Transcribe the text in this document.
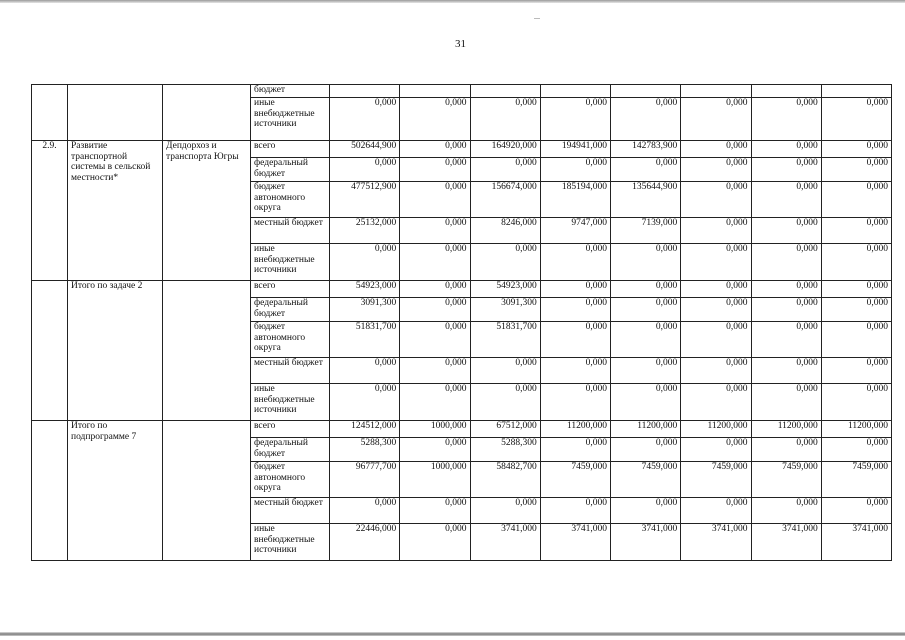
31
			бюджет								
			иные внебюджетные источники	0,000	0,000	0,000	0,000	0,000	0,000	0,000	0,000
2.9.	Развитие транспортной системы в сельской местности*	Депдорхоз и транспорта Югры	всего	502644,900	0,000	164920,000	194941,000	142783,900	0,000	0,000	0,000
			федеральный бюджет	0,000	0,000	0,000	0,000	0,000	0,000	0,000	0,000
			бюджет автономного округа	477512,900	0,000	156674,000	185194,000	135644,900	0,000	0,000	0,000
			местный бюджет	25132,000	0,000	8246,000	9747,000	7139,000	0,000	0,000	0,000
			иные внебюджетные источники	0,000	0,000	0,000	0,000	0,000	0,000	0,000	0,000
	Итого по задаче 2		всего	54923,000	0,000	54923,000	0,000	0,000	0,000	0,000	0,000
			федеральный бюджет	3091,300	0,000	3091,300	0,000	0,000	0,000	0,000	0,000
			бюджет автономного округа	51831,700	0,000	51831,700	0,000	0,000	0,000	0,000	0,000
			местный бюджет	0,000	0,000	0,000	0,000	0,000	0,000	0,000	0,000
			иные внебюджетные источники	0,000	0,000	0,000	0,000	0,000	0,000	0,000	0,000
	Итого по подпрограмме 7		всего	124512,000	1000,000	67512,000	11200,000	11200,000	11200,000	11200,000	11200,000
			федеральный бюджет	5288,300	0,000	5288,300	0,000	0,000	0,000	0,000	0,000
			бюджет автономного округа	96777,700	1000,000	58482,700	7459,000	7459,000	7459,000	7459,000	7459,000
			местный бюджет	0,000	0,000	0,000	0,000	0,000	0,000	0,000	0,000
			иные внебюджетные источники	22446,000	0,000	3741,000	3741,000	3741,000	3741,000	3741,000	3741,000
